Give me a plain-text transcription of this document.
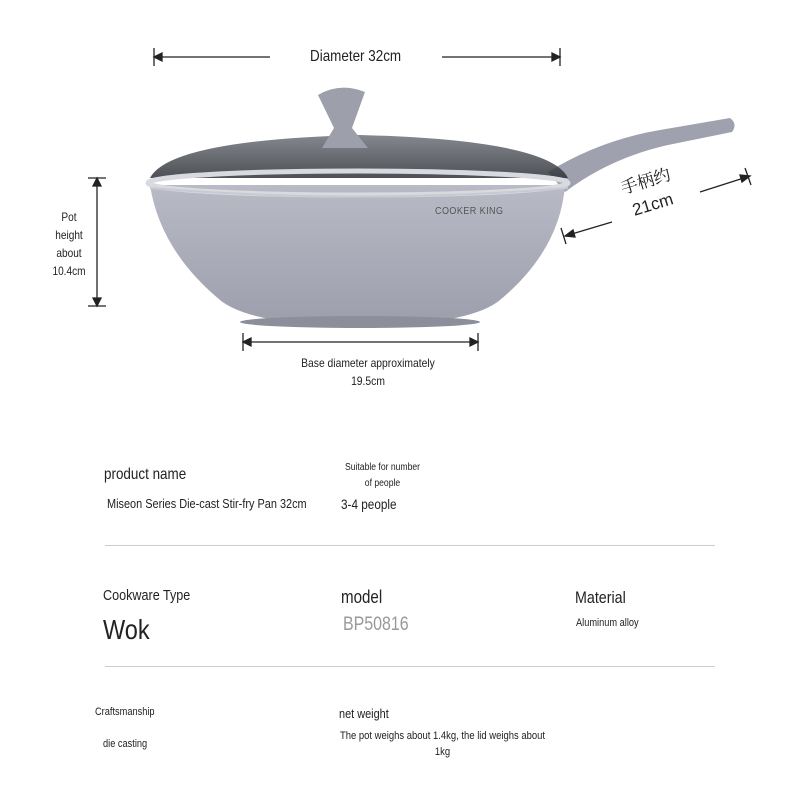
Diameter 32cm
COOKER KING
Pot
height
about
10.4cm
手柄约
21cm
Base diameter approximately
19.5cm
product name
Miseon Series Die-cast Stir-fry Pan 32cm
Suitable for number
of people
3-4 people
Cookware Type
Wok
model
BP50816
Material
Aluminum alloy
Craftsmanship
die casting
net weight
The pot weighs about 1.4kg, the lid weighs about
1kg
